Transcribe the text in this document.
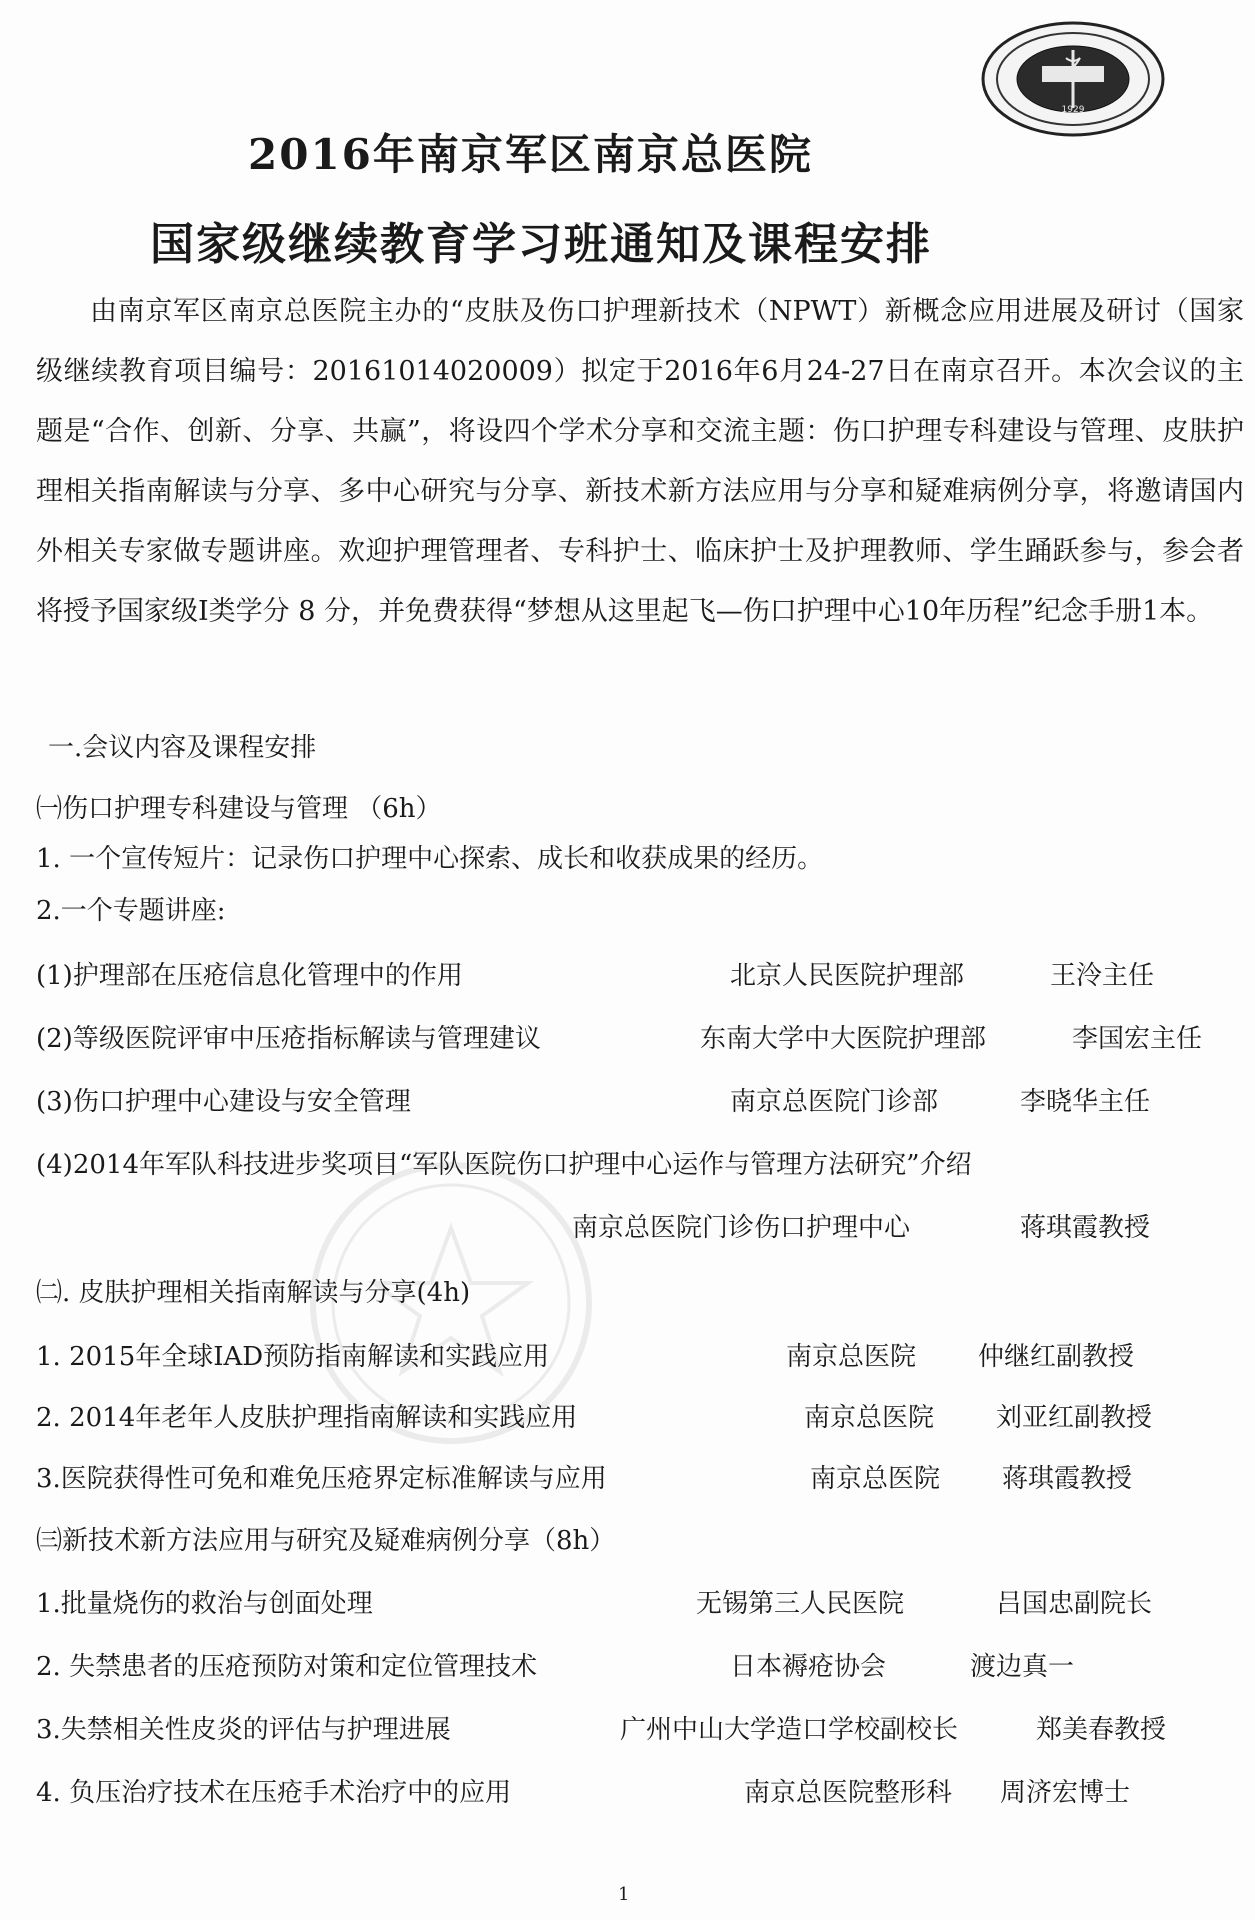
1929
2016年南京军区南京总医院
国家级继续教育学习班通知及课程安排

由南京军区南京总医院主办的“皮肤及伤口护理新技术（NPWT）新概念应用进展及研讨（国家级继续教育项目编号：20161014020009）拟定于2016年6月24-27日在南京召开。本次会议的主题是“合作、创新、分享、共赢”，将设四个学术分享和交流主题：伤口护理专科建设与管理、皮肤护理相关指南解读与分享、多中心研究与分享、新技术新方法应用与分享和疑难病例分享，将邀请国内外相关专家做专题讲座。欢迎护理管理者、专科护士、临床护士及护理教师、学生踊跃参与，参会者将授予国家级Ⅰ类学分 8 分，并免费获得“梦想从这里起飞—伤口护理中心10年历程”纪念手册1本。

一.会议内容及课程安排
㈠伤口护理专科建设与管理 （6h）
1. 一个宣传短片：记录伤口护理中心探索、成长和收获成果的经历。
2.一个专题讲座:
(1)护理部在压疮信息化管理中的作用	北京人民医院护理部	王泠主任
(2)等级医院评审中压疮指标解读与管理建议	东南大学中大医院护理部	李国宏主任
(3)伤口护理中心建设与安全管理	南京总医院门诊部	李晓华主任
(4)2014年军队科技进步奖项目“军队医院伤口护理中心运作与管理方法研究”介绍
南京总医院门诊伤口护理中心	蒋琪霞教授
㈡. 皮肤护理相关指南解读与分享(4h)
1. 2015年全球IAD预防指南解读和实践应用	南京总医院 仲继红副教授
2. 2014年老年人皮肤护理指南解读和实践应用	南京总医院 刘亚红副教授
3.医院获得性可免和难免压疮界定标准解读与应用	南京总医院 蒋琪霞教授
㈢新技术新方法应用与研究及疑难病例分享（8h）
1.批量烧伤的救治与创面处理	无锡第三人民医院	吕国忠副院长
2. 失禁患者的压疮预防对策和定位管理技术	日本褥疮协会	渡边真一
3.失禁相关性皮炎的评估与护理进展	广州中山大学造口学校副校长	郑美春教授
4. 负压治疗技术在压疮手术治疗中的应用	南京总医院整形科 周济宏博士
1
